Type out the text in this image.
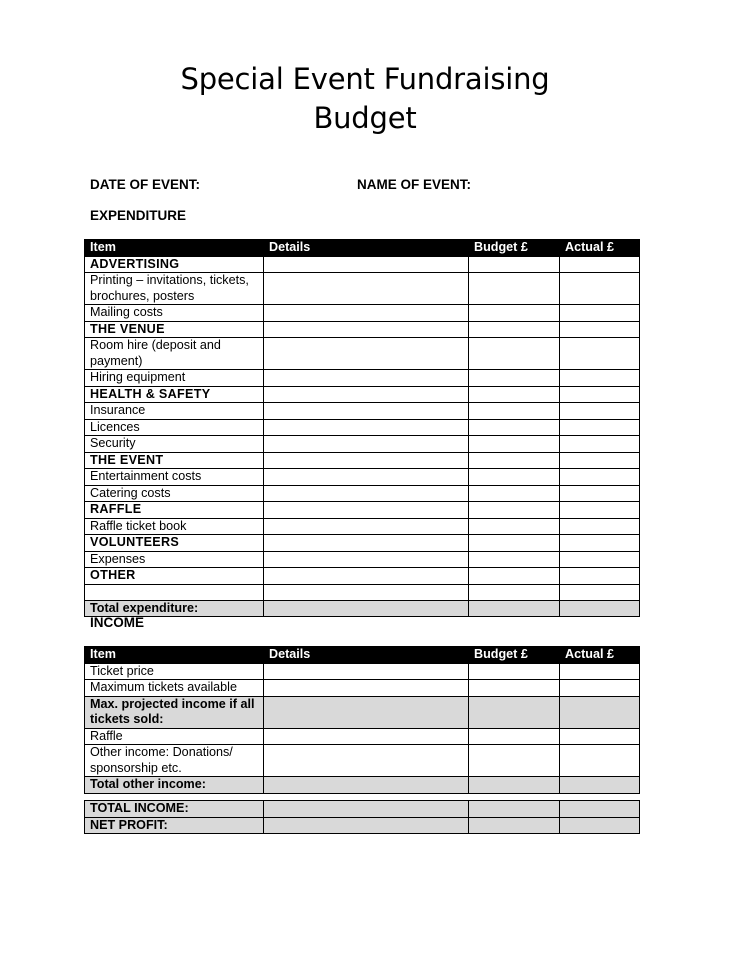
Special Event Fundraising
Budget
DATE OF EVENT:	NAME OF EVENT:
EXPENDITURE
Item	Details	Budget £	Actual £
ADVERTISING			
Printing – invitations, tickets, brochures, posters			
Mailing costs			
THE VENUE			
Room hire (deposit and payment)			
Hiring equipment			
HEALTH & SAFETY			
Insurance			
Licences			
Security			
THE EVENT			
Entertainment costs			
Catering costs			
RAFFLE			
Raffle ticket book			
VOLUNTEERS			
Expenses			
OTHER			

Total expenditure:			
INCOME
Item	Details	Budget £	Actual £
Ticket price			
Maximum tickets available			
Max. projected income if all tickets sold:			
Raffle			
Other income: Donations/ sponsorship etc.			
Total other income:			
TOTAL INCOME:			
NET PROFIT:			
